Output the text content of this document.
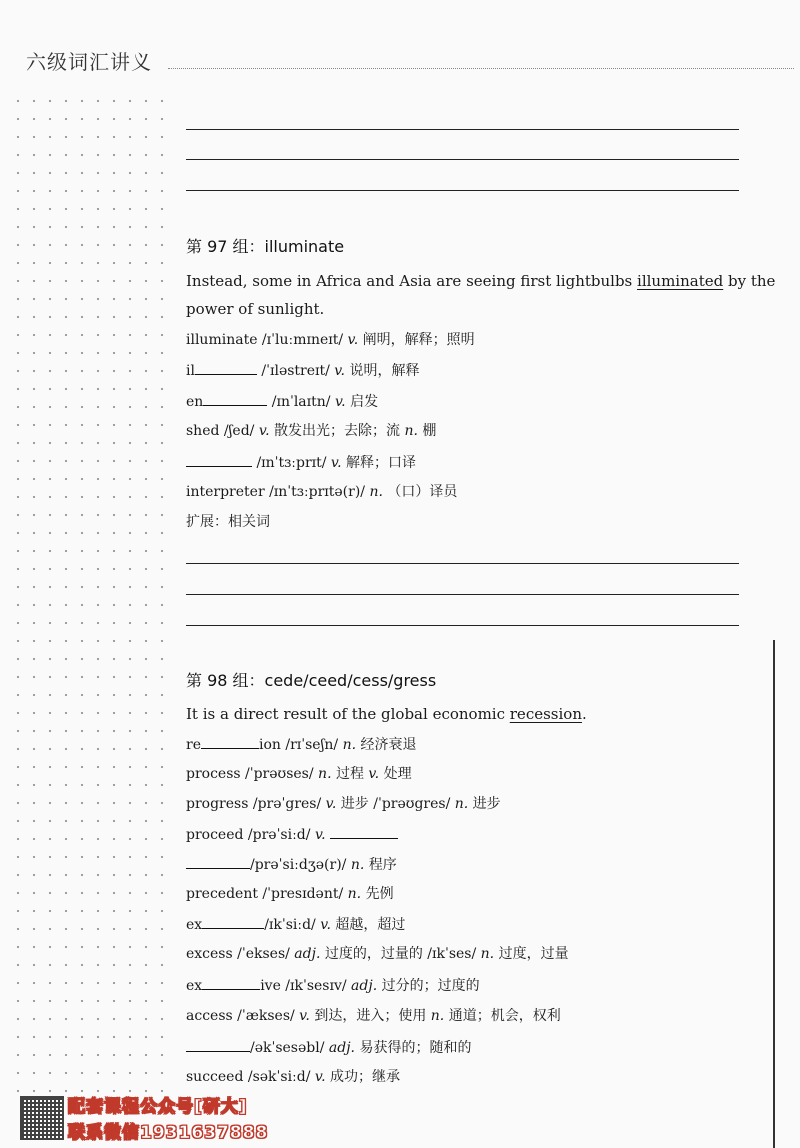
六级词汇讲义
第 97 组：illuminate
Instead, some in Africa and Asia are seeing first lightbulbs illuminated by the
power of sunlight.
illuminate /ɪˈluːmɪneɪt/ v. 阐明，解释；照明
il	/ˈɪləstreɪt/ v. 说明，解释
en	/ɪnˈlaɪtn/ v. 启发
shed /ʃed/ v. 散发出光；去除；流 n. 棚
/ɪnˈtɜːprɪt/ v. 解释；口译
interpreter /ɪnˈtɜːprɪtə(r)/ n. （口）译员
扩展：相关词
第 98 组：cede/ceed/cess/gress
It is a direct result of the global economic recession.
re	ion /rɪˈseʃn/ n. 经济衰退
process /ˈprəʊses/ n. 过程 v. 处理
progress /prəˈgres/ v. 进步 /ˈprəʊgres/ n. 进步
proceed /prəˈsiːd/ v.
/prəˈsiːdʒə(r)/ n. 程序
precedent /ˈpresɪdənt/ n. 先例
ex	/ɪkˈsiːd/ v. 超越，超过
excess /ˈekses/ adj. 过度的，过量的 /ɪkˈses/ n. 过度，过量
ex	ive /ɪkˈsesɪv/ adj. 过分的；过度的
access /ˈækses/ v. 到达，进入；使用 n. 通道；机会，权利
/əkˈsesəbl/ adj. 易获得的；随和的
succeed /səkˈsiːd/ v. 成功；继承
配套课程公众号[研大]
联系微信1931637888
